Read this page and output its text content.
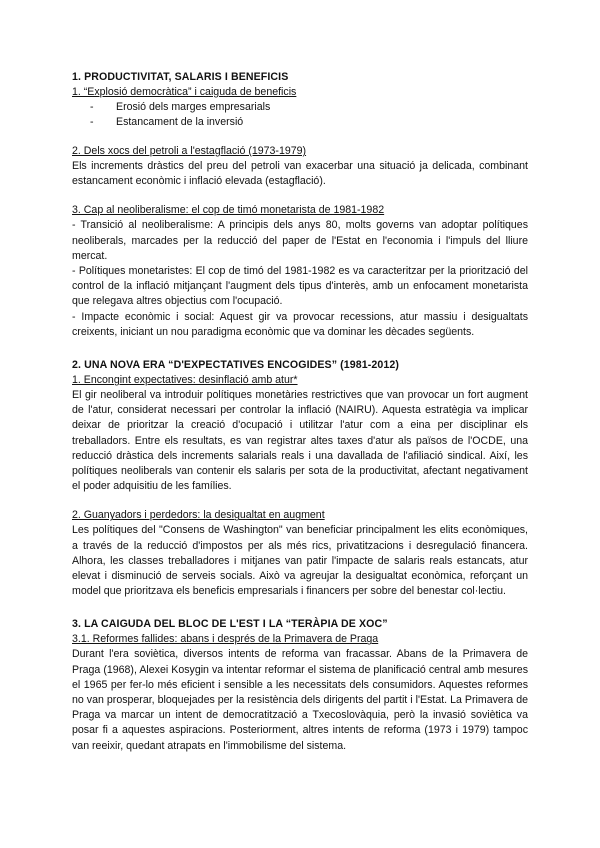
1. PRODUCTIVITAT, SALARIS I BENEFICIS

1. “Explosió democràtica” i caiguda de beneficis

- Erosió dels marges empresarials
- Estancament de la inversió

2. Dels xocs del petroli a l'estagflació (1973-1979)

Els increments dràstics del preu del petroli van exacerbar una situació ja delicada, combinant estancament econòmic i inflació elevada (estagflació).

3. Cap al neoliberalisme: el cop de timó monetarista de 1981-1982

- Transició al neoliberalisme: A principis dels anys 80, molts governs van adoptar polítiques neoliberals, marcades per la reducció del paper de l'Estat en l'economia i l'impuls del lliure mercat.

- Polítiques monetaristes: El cop de timó del 1981-1982 es va caracteritzar per la priorització del control de la inflació mitjançant l'augment dels tipus d'interès, amb un enfocament monetarista que relegava altres objectius com l'ocupació.

- Impacte econòmic i social: Aquest gir va provocar recessions, atur massiu i desigualtats creixents, iniciant un nou paradigma econòmic que va dominar les dècades següents.

2. UNA NOVA ERA “D'EXPECTATIVES ENCOGIDES” (1981-2012)

1. Encongint expectatives: desinflació amb atur*

El gir neoliberal va introduir polítiques monetàries restrictives que van provocar un fort augment de l'atur, considerat necessari per controlar la inflació (NAIRU). Aquesta estratègia va implicar deixar de prioritzar la creació d'ocupació i utilitzar l'atur com a eina per disciplinar els treballadors. Entre els resultats, es van registrar altes taxes d'atur als països de l'OCDE, una reducció dràstica dels increments salarials reals i una davallada de l'afiliació sindical. Així, les polítiques neoliberals van contenir els salaris per sota de la productivitat, afectant negativament el poder adquisitiu de les famílies.

2. Guanyadors i perdedors: la desigualtat en augment

Les polítiques del "Consens de Washington" van beneficiar principalment les elits econòmiques, a través de la reducció d'impostos per als més rics, privatitzacions i desregulació financera. Alhora, les classes treballadores i mitjanes van patir l'impacte de salaris reals estancats, atur elevat i disminució de serveis socials. Això va agreujar la desigualtat econòmica, reforçant un model que prioritzava els beneficis empresarials i financers per sobre del benestar col·lectiu.

3. LA CAIGUDA DEL BLOC DE L'EST I LA “TERÀPIA DE XOC”

3.1. Reformes fallides: abans i després de la Primavera de Praga

Durant l'era soviètica, diversos intents de reforma van fracassar. Abans de la Primavera de Praga (1968), Alexei Kosygin va intentar reformar el sistema de planificació central amb mesures el 1965 per fer-lo més eficient i sensible a les necessitats dels consumidors. Aquestes reformes no van prosperar, bloquejades per la resistència dels dirigents del partit i l'Estat. La Primavera de Praga va marcar un intent de democratització a Txecoslovàquia, però la invasió soviètica va posar fi a aquestes aspiracions. Posteriorment, altres intents de reforma (1973 i 1979) tampoc van reeixir, quedant atrapats en l'immobilisme del sistema.
